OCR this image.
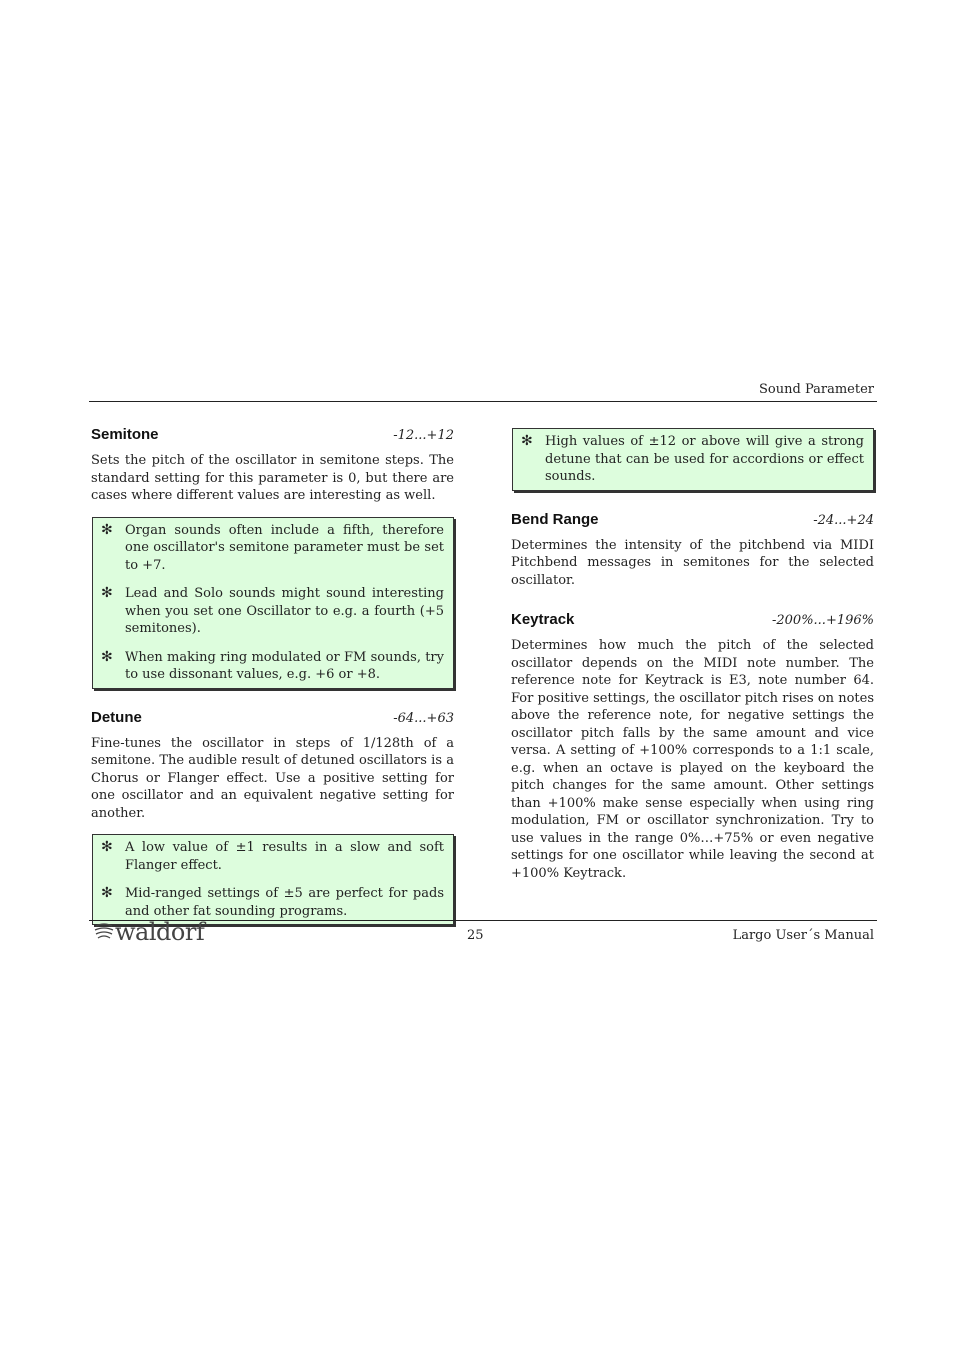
Sound Parameter
Semitone	-12...+12

Sets the pitch of the oscillator in semitone steps. The standard setting for this parameter is 0, but there are cases where different values are interesting as well.

✻ Organ sounds often include a fifth, therefore one oscillator's semitone parameter must be set to +7.
✻ Lead and Solo sounds might sound interesting when you set one Oscillator to e.g. a fourth (+5 semitones).
✻ When making ring modulated or FM sounds, try to use dissonant values, e.g. +6 or +8.
Detune	-64...+63

Fine-tunes the oscillator in steps of 1/128th of a semitone. The audible result of detuned oscillators is a Chorus or Flanger effect. Use a positive setting for one oscillator and an equivalent negative setting for another.

✻ A low value of ±1 results in a slow and soft Flanger effect.
✻ Mid-ranged settings of ±5 are perfect for pads and other fat sounding programs.
✻ High values of ±12 or above will give a strong detune that can be used for accordions or effect sounds.
Bend Range	-24...+24

Determines the intensity of the pitchbend via MIDI Pitchbend messages in semitones for the selected oscillator.

Keytrack	-200%...+196%

Determines how much the pitch of the selected oscillator depends on the MIDI note number. The reference note for Keytrack is E3, note number 64. For positive settings, the oscillator pitch rises on notes above the reference note, for negative settings the oscillator pitch falls by the same amount and vice versa. A setting of +100% corresponds to a 1:1 scale, e.g. when an octave is played on the keyboard the pitch changes for the same amount. Other settings than +100% make sense especially when using ring modulation, FM or oscillator synchronization. Try to use values in the range 0%…+75% or even negative settings for one oscillator while leaving the second at +100% Keytrack.

waldorf	25	Largo User´s Manual
